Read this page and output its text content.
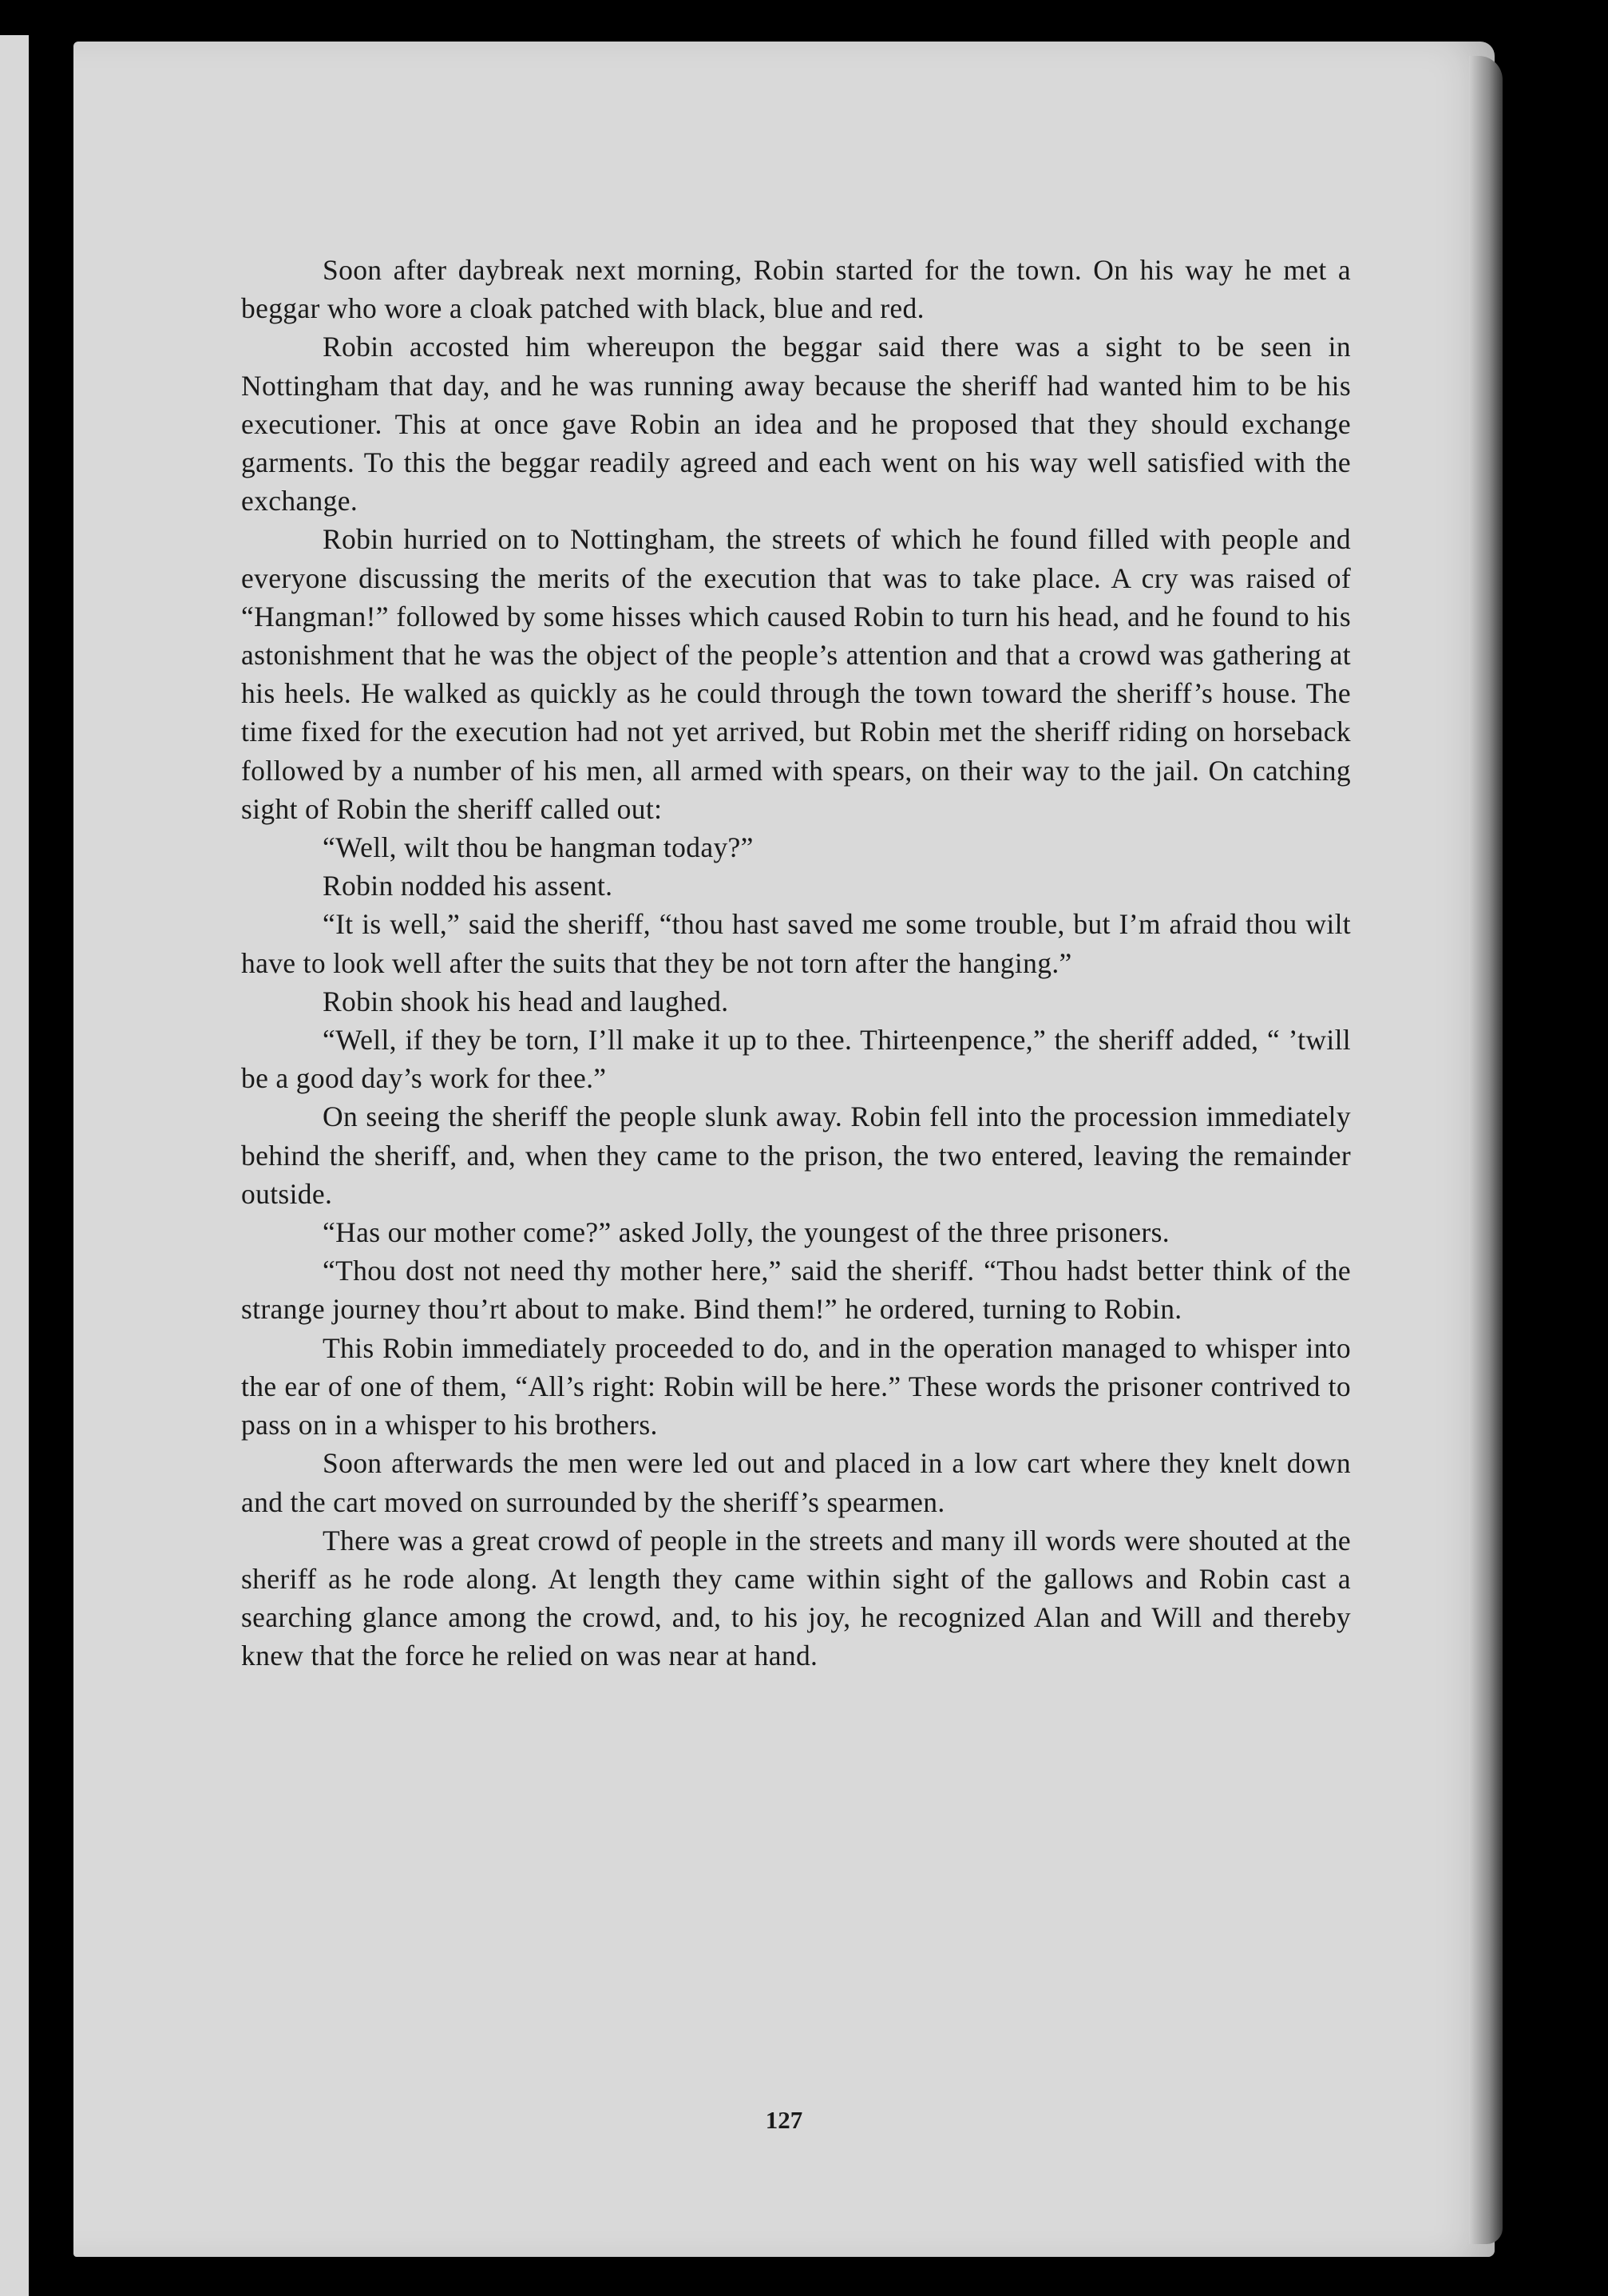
Soon after daybreak next morning, Robin started for the town. On his way he met a beggar who wore a cloak patched with black, blue and red.

Robin accosted him whereupon the beggar said there was a sight to be seen in Nottingham that day, and he was running away because the sheriff had wanted him to be his executioner. This at once gave Robin an idea and he proposed that they should exchange garments. To this the beggar readily agreed and each went on his way well satisfied with the exchange.

Robin hurried on to Nottingham, the streets of which he found filled with people and everyone discussing the merits of the execution that was to take place. A cry was raised of “Hangman!” followed by some hisses which caused Robin to turn his head, and he found to his astonishment that he was the object of the people’s attention and that a crowd was gathering at his heels. He walked as quickly as he could through the town toward the sheriff’s house. The time fixed for the execution had not yet arrived, but Robin met the sheriff riding on horseback followed by a number of his men, all armed with spears, on their way to the jail. On catching sight of Robin the sheriff called out:

“Well, wilt thou be hangman today?”

Robin nodded his assent.

“It is well,” said the sheriff, “thou hast saved me some trouble, but I’m afraid thou wilt have to look well after the suits that they be not torn after the hanging.”

Robin shook his head and laughed.

“Well, if they be torn, I’ll make it up to thee. Thirteenpence,” the sheriff added, “ ’twill be a good day’s work for thee.”

On seeing the sheriff the people slunk away. Robin fell into the procession immediately behind the sheriff, and, when they came to the prison, the two entered, leaving the remainder outside.

“Has our mother come?” asked Jolly, the youngest of the three prisoners.

“Thou dost not need thy mother here,” said the sheriff. “Thou hadst better think of the strange journey thou’rt about to make. Bind them!” he ordered, turning to Robin.

This Robin immediately proceeded to do, and in the operation managed to whisper into the ear of one of them, “All’s right: Robin will be here.” These words the prisoner contrived to pass on in a whisper to his brothers.

Soon afterwards the men were led out and placed in a low cart where they knelt down and the cart moved on surrounded by the sheriff’s spearmen.

There was a great crowd of people in the streets and many ill words were shouted at the sheriff as he rode along. At length they came within sight of the gallows and Robin cast a searching glance among the crowd, and, to his joy, he recognized Alan and Will and thereby knew that the force he relied on was near at hand.

127
